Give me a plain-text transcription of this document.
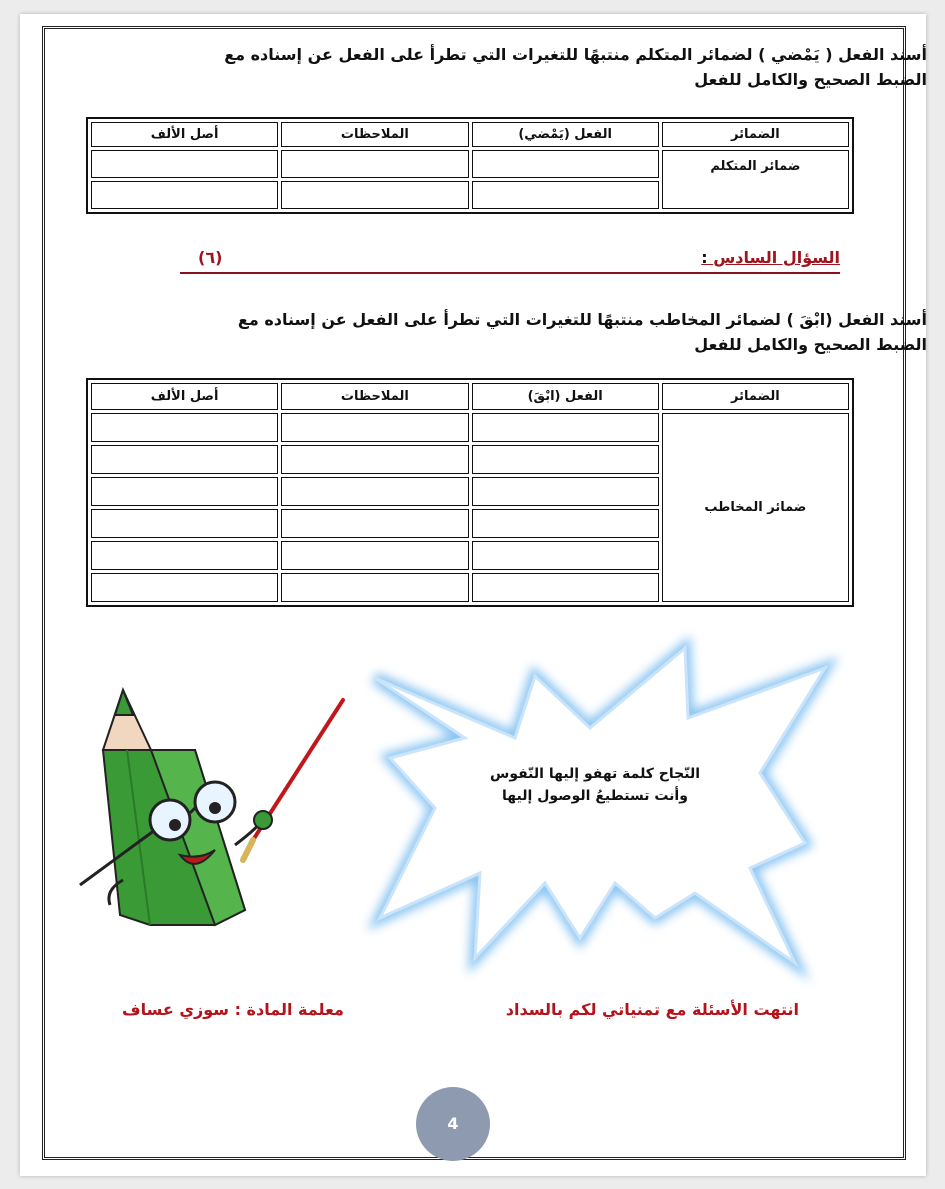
أسند الفعل ( يَمْضي ) لضمائر المتكلم منتبهًا للتغيرات التي تطرأ على الفعل عن إسناده مع
الضبط الصحيح والكامل للفعل
الضمائر	الفعل (يَمْضي)	الملاحظات	أصل الألف
ضمائر المتكلم			

السؤال السادس :
(٦)
أسند الفعل (ابْقَ ) لضمائر المخاطب منتبهًا للتغيرات التي تطرأ على الفعل عن إسناده مع
الضبط الصحيح والكامل للفعل
الضمائر	الفعل (ابْقَ)	الملاحظات	أصل الألف
ضمائر المخاطب			

النّجاح كلمة تهفو إليها النّفوس
وأنت تستطيعُ الوصول إليها
انتهت الأسئلة مع تمنياتي لكم بالسداد
معلمة المادة : سوزي عساف
4
